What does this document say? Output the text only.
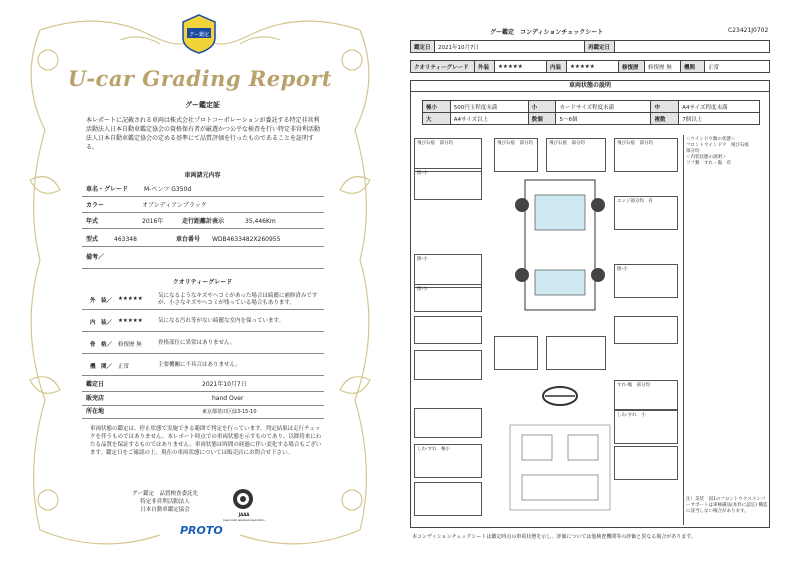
グー鑑定
U-car Grading Report
グー鑑定証
本レポートに記載される車両は株式会社プロトコーポレーションが委託する特定非営利活動法人日本自動車鑑定協会の資格保有者が厳選かつ公平な検査を行い特定非営利活動法人日本自動車鑑定協会の定める基準にて品質評価を行ったものであることを証明する。
車両諸元内容
車名・グレード	M-ベンツ G350d
カラー	オブシディアンブラック
年式	2016年	走行距離計表示	35,446Km
型式	463348	車台番号 WDB4633482X260955
備考／
クオリティーグレード
外　装／ ★★★★★	気になるようなキズやヘコミがあった場合は綺麗に補修済みですが、小さなキズやヘコミが残っている場合もあります。
内　装／ ★★★★★	気になる汚れ等がない綺麗な室内を保っています。
骨　格／ 修復歴 無	骨格部位に異常はありません。
機　関／ 正常	主要機關に不具合はありません。
鑑定日	2021年10月7日
販売店	hand Over
所在地	東京都墨田区緑3-15-10
車両状態の鑑定は、停止状態で実施できる範囲で判定を行っています。判定結果は走行チェックを伴うものではありません。本レポート時点での車両状態を示すものであり、以降将来にわたる品質を保証するものではありません。車両状態は時間の経過に伴い変化する場合もございます。鑑定日をご確認の上、現在の車両状態については販売店にお問合せ下さい。
グー鑑定　品質検査委託先
特定非営利活動法人
日本自動車鑑定協会
JAAA
Japan Auto Appraisal Association
PROTO
グー鑑定　コンディションチェックシート	C23421J0702
鑑定日	2021年10月7日	再鑑定日	
クオリティーグレード	外装	★★★★★	内装	★★★★★	修復歴	修復歴 無	機関	正常
車両状態の説明
極小	500円玉程度未満	小	カードサイズ程度未満	中	A4サイズ程度未満
大	A4サイズ以上	数個	5〜6個	複数	7個以上
飛び石痕　部分均	飛び石痕　部分均	飛び石痕　部分均	飛び石痕　部分均
擦-小
エッジ部分均　有
擦-小
擦-小
擦-小
すれ-傷　部分均
しわ-すれ　小
しわ-すれ　極小
＜ウインドウ類の状態＞
フロントウインドウ　飛び石痕
部分均
＜内装状態の説明＞
ソフ類　すれ・傷　有
注）美装　国1のフロントウクスメンバーサポートは車検備品(本件に認定) 構造に該当しない場合があります。
本コンディションチェックシートは鑑定時点の車両状態を示し、評価については他検査機関等の評価と異なる場合があります。
